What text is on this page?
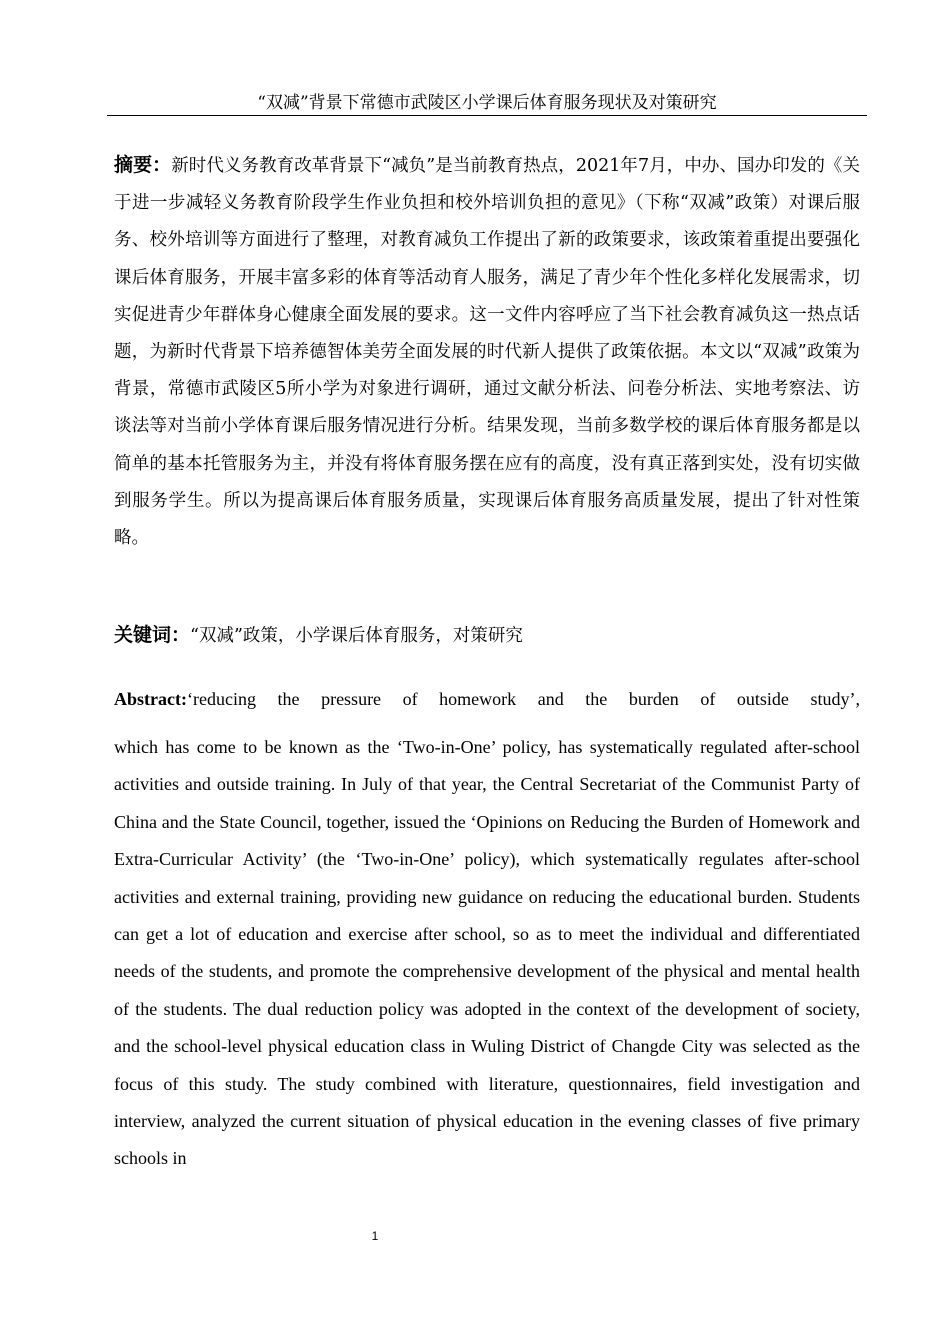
“双减”背景下常德市武陵区小学课后体育服务现状及对策研究
摘要：新时代义务教育改革背景下“减负”是当前教育热点，2021年7月，中办、国办印发的《关于进一步减轻义务教育阶段学生作业负担和校外培训负担的意见》（下称“双减”政策）对课后服务、校外培训等方面进行了整理，对教育减负工作提出了新的政策要求，该政策着重提出要强化课后体育服务，开展丰富多彩的体育等活动育人服务，满足了青少年个性化多样化发展需求，切实促进青少年群体身心健康全面发展的要求。这一文件内容呼应了当下社会教育减负这一热点话题，为新时代背景下培养德智体美劳全面发展的时代新人提供了政策依据。本文以“双减”政策为背景，常德市武陵区5所小学为对象进行调研，通过文献分析法、问卷分析法、实地考察法、访谈法等对当前小学体育课后服务情况进行分析。结果发现，当前多数学校的课后体育服务都是以简单的基本托管服务为主，并没有将体育服务摆在应有的高度，没有真正落到实处，没有切实做到服务学生。所以为提高课后体育服务质量，实现课后体育服务高质量发展，提出了针对性策略。
关键词：“双减”政策，小学课后体育服务，对策研究
Abstract:‘reducing the pressure of homework and the burden of outside study’,
which has come to be known as the ‘Two-in-One’ policy, has systematically regulated after-school activities and outside training. In July of that year, the Central Secretariat of the Communist Party of China and the State Council, together, issued the ‘Opinions on Reducing the Burden of Homework and Extra-Curricular Activity’ (the ‘Two-in-One’ policy), which systematically regulates after-school activities and external training, providing new guidance on reducing the educational burden. Students can get a lot of education and exercise after school, so as to meet the individual and differentiated needs of the students, and promote the comprehensive development of the physical and mental health of the students. The dual reduction policy was adopted in the context of the development of society, and the school-level physical education class in Wuling District of Changde City was selected as the focus of this study. The study combined with literature, questionnaires, field investigation and interview, analyzed the current situation of physical education in the evening classes of five primary schools in
1
